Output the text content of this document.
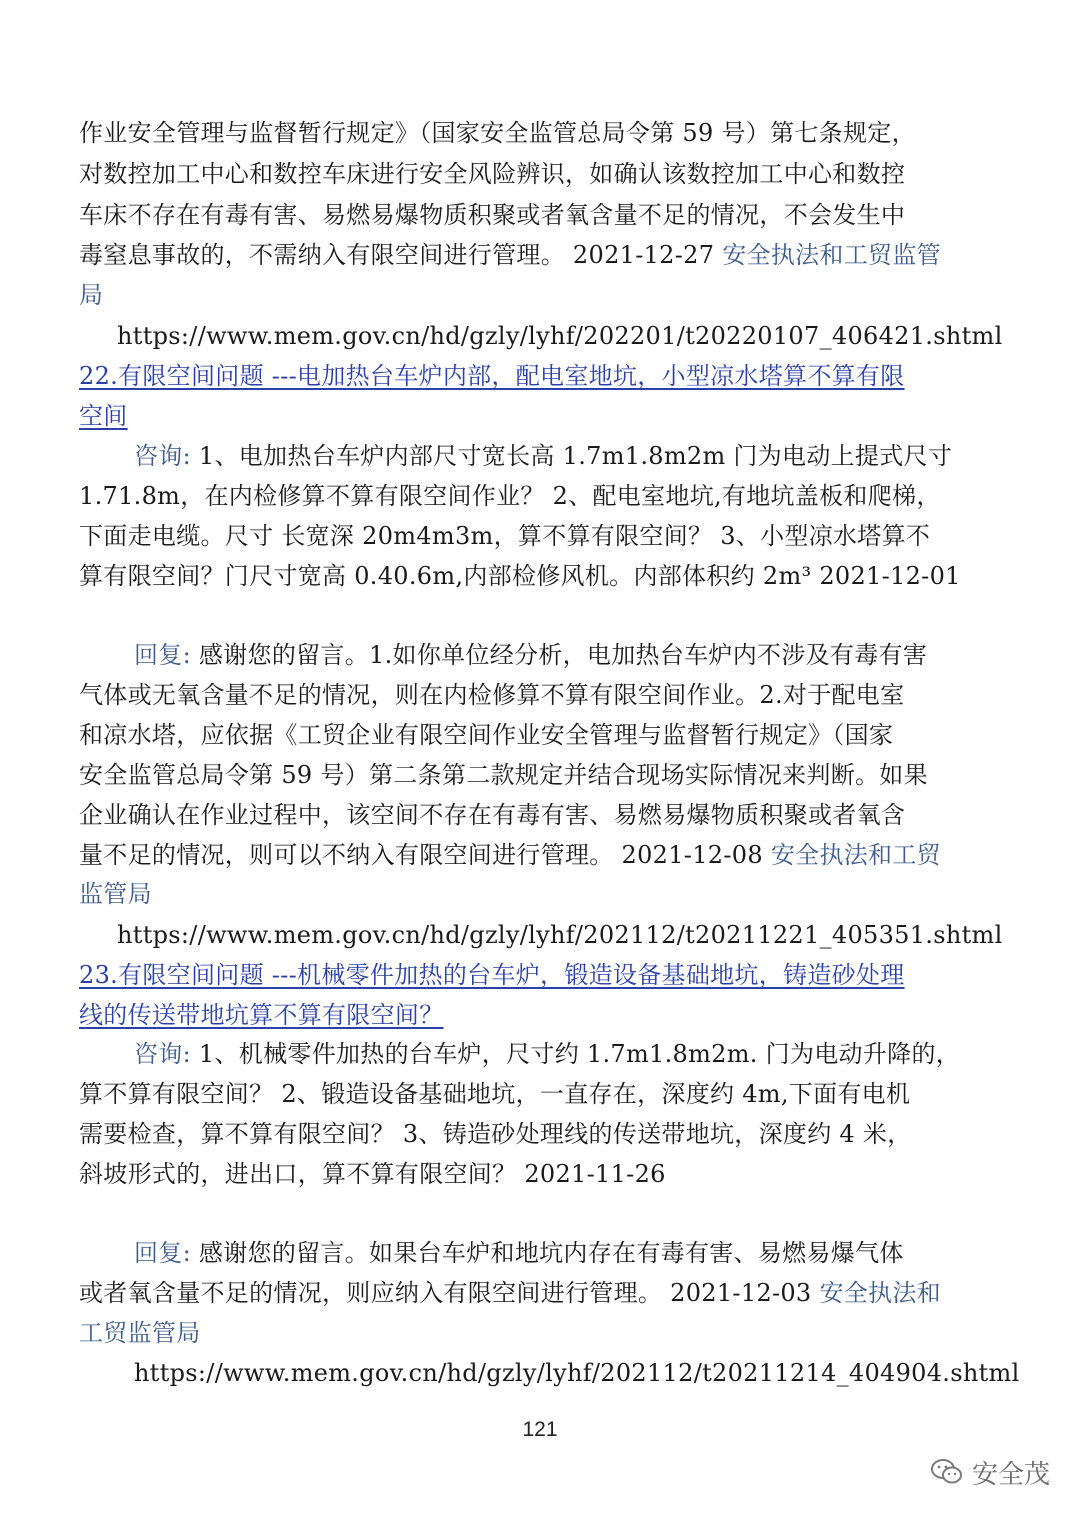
作业安全管理与监督暂行规定》（国家安全监管总局令第 59 号）第七条规定，
对数控加工中心和数控车床进行安全风险辨识，如确认该数控加工中心和数控
车床不存在有毒有害、易燃易爆物质积聚或者氧含量不足的情况，不会发生中
毒窒息事故的，不需纳入有限空间进行管理。 2021-12-27 安全执法和工贸监管
局
https://www.mem.gov.cn/hd/gzly/lyhf/202201/t20220107_406421.shtml
22.有限空间问题 ---电加热台车炉内部，配电室地坑，小型凉水塔算不算有限
空间
咨询: 1、电加热台车炉内部尺寸宽长高 1.7m1.8m2m 门为电动上提式尺寸
1.71.8m，在内检修算不算有限空间作业？ 2、配电室地坑,有地坑盖板和爬梯，
下面走电缆。尺寸 长宽深 20m4m3m，算不算有限空间？ 3、小型凉水塔算不
算有限空间？门尺寸宽高 0.40.6m,内部检修风机。内部体积约 2m³ 2021-12-01
回复: 感谢您的留言。1.如你单位经分析，电加热台车炉内不涉及有毒有害
气体或无氧含量不足的情况，则在内检修算不算有限空间作业。2.对于配电室
和凉水塔，应依据《工贸企业有限空间作业安全管理与监督暂行规定》（国家
安全监管总局令第 59 号）第二条第二款规定并结合现场实际情况来判断。如果
企业确认在作业过程中，该空间不存在有毒有害、易燃易爆物质积聚或者氧含
量不足的情况，则可以不纳入有限空间进行管理。 2021-12-08 安全执法和工贸
监管局
https://www.mem.gov.cn/hd/gzly/lyhf/202112/t20211221_405351.shtml
23.有限空间问题 ---机械零件加热的台车炉，锻造设备基础地坑，铸造砂处理
线的传送带地坑算不算有限空间？
咨询: 1、机械零件加热的台车炉，尺寸约 1.7m1.8m2m. 门为电动升降的，
算不算有限空间？ 2、锻造设备基础地坑，一直存在，深度约 4m,下面有电机
需要检查，算不算有限空间？ 3、铸造砂处理线的传送带地坑，深度约 4 米，
斜坡形式的，进出口，算不算有限空间？ 2021-11-26
回复: 感谢您的留言。如果台车炉和地坑内存在有毒有害、易燃易爆气体
或者氧含量不足的情况，则应纳入有限空间进行管理。 2021-12-03 安全执法和
工贸监管局
https://www.mem.gov.cn/hd/gzly/lyhf/202112/t20211214_404904.shtml
121
安全茂
